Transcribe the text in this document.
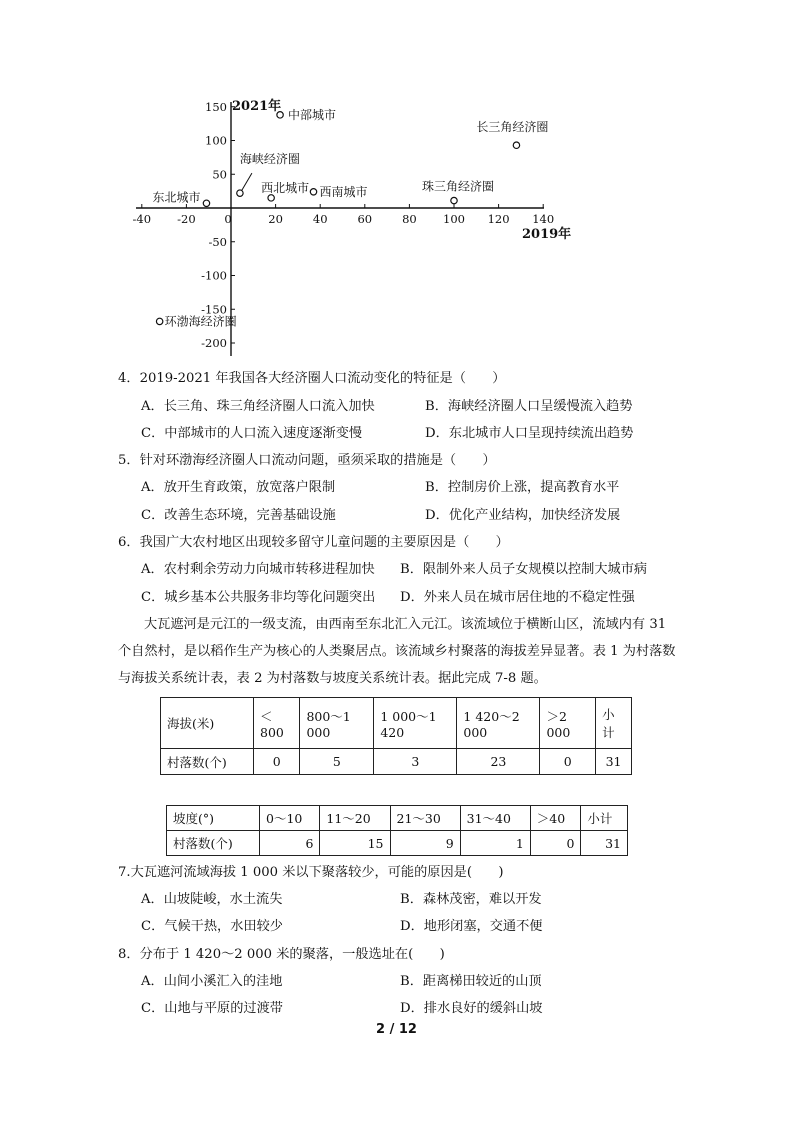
-40 -20 0	20	40	60	80 100 120 140
150
100
50
-50
-100
-150
-200
中部城市
长三角经济圈
海峡经济圈
西北城市 西南城市
东北城市
珠三角经济圈
环渤海经济圈
2021年
2019年
4．2019-2021 年我国各大经济圈人口流动变化的特征是（　　）
A．长三角、珠三角经济圈人口流入加快	B．海峡经济圈人口呈缓慢流入趋势
C．中部城市的人口流入速度逐渐变慢	D．东北城市人口呈现持续流出趋势
5．针对环渤海经济圈人口流动问题，亟须采取的措施是（　　）
A．放开生育政策，放宽落户限制	B．控制房价上涨，提高教育水平
C．改善生态环境，完善基础设施	D．优化产业结构，加快经济发展
6．我国广大农村地区出现较多留守儿童问题的主要原因是（　　）
A．农村剩余劳动力向城市转移进程加快 B．限制外来人员子女规模以控制大城市病
C．城乡基本公共服务非均等化问题突出 D．外来人员在城市居住地的不稳定性强
大瓦遮河是元江的一级支流，由西南至东北汇入元江。该流域位于横断山区，流域内有 31 个自然村，是以稻作生产为核心的人类聚居点。该流域乡村聚落的海拔差异显著。表 1 为村落数与海拔关系统计表，表 2 为村落数与坡度关系统计表。据此完成 7-8 题。
海拔(米)	＜800	800～1 000	1 000～1 420	1 420～2 000	＞2 000	小计
村落数(个)	0	5	3	23	0	31
坡度(°)	0～10	11～20	21～30	31～40	＞40	小计
村落数(个)	6	15	9	1	0	31
7.大瓦遮河流域海拔 1 000 米以下聚落较少，可能的原因是(　　)
A．山坡陡峻，水土流失	B．森林茂密，难以开发
C．气候干热，水田较少	D．地形闭塞，交通不便
8．分布于 1 420～2 000 米的聚落，一般选址在(　　)
A．山间小溪汇入的洼地	B．距离梯田较近的山顶
C．山地与平原的过渡带	D．排水良好的缓斜山坡
2 / 12
